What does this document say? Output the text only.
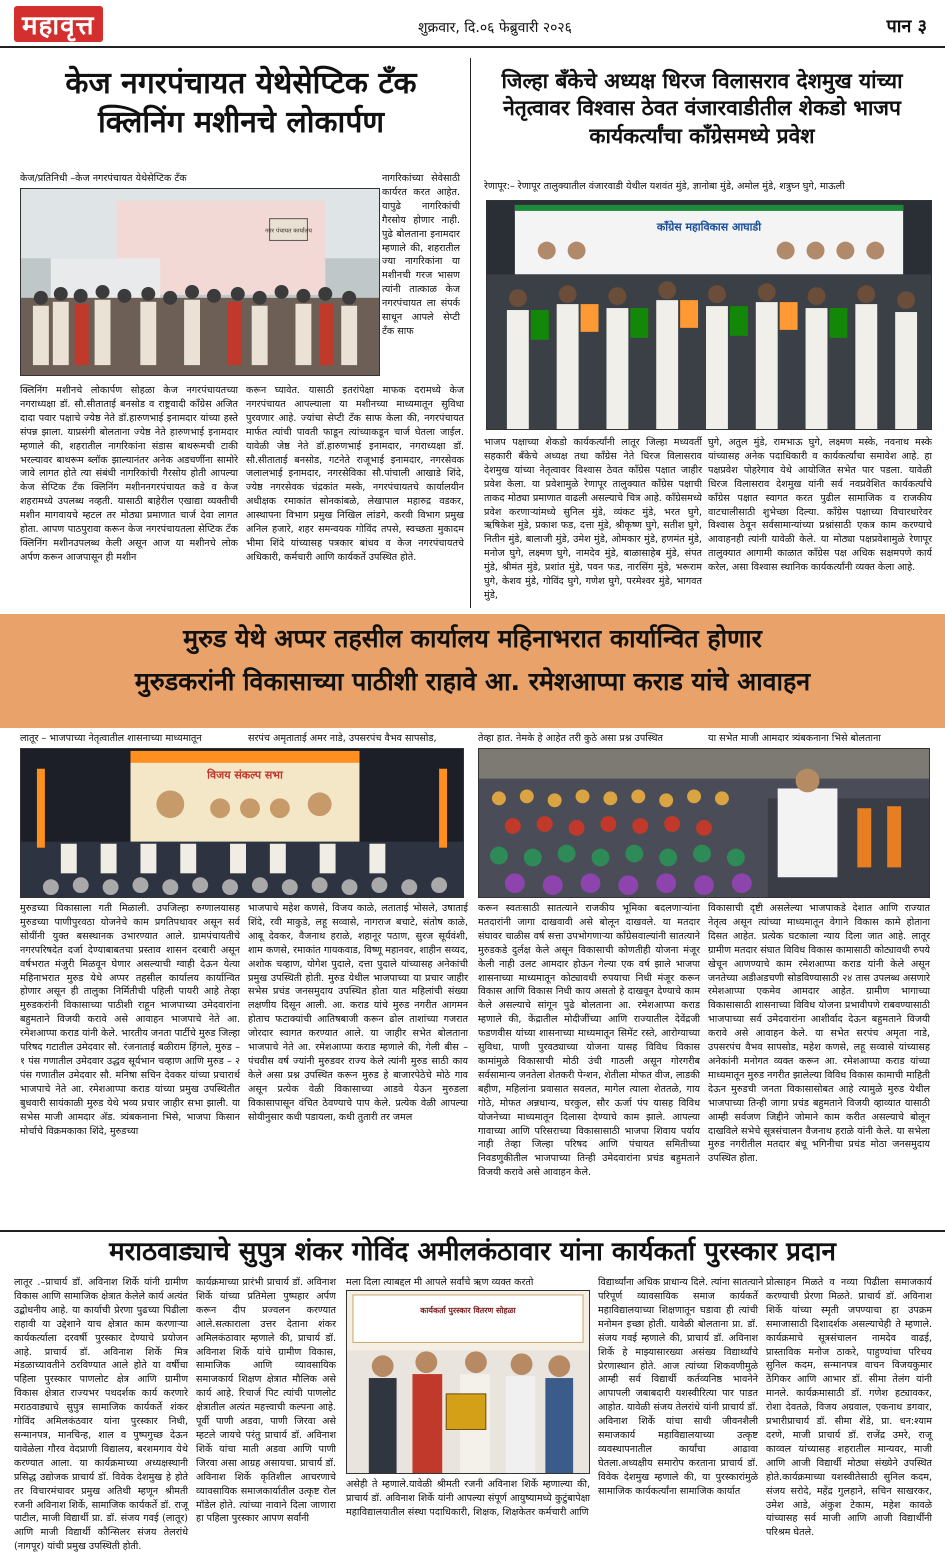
महावृत्त	शुक्रवार, दि.०६ फेब्रुवारी २०२६	पान ३
केज नगरपंचायत येथेसेप्टिक टँक क्लिनिंग मशीनचे लोकार्पण
केज/प्रतिनिधी –केज नगरपंचायत येथेसेप्टिक टँक
नगर पंचायत कार्यालय
नागरिकांच्या सेवेसाठी कार्यरत करत आहेत. यापुढे नागरिकांची गैरसोय होणार नाही. पुढे बोलताना इनामदार म्हणाले की, शहरातील ज्या नागरिकांना या मशीनची गरज भासण त्यांनी तात्काळ केज नगरपंचायत ला संपर्क साधून आपले सेप्टी टँक साफ
क्लिनिंग मशीनचे लोकार्पण सोहळा केज नगरपंचायतच्या नगराध्यक्षा डॉ. सौ.सीताताई बनसोड व राष्ट्रवादी काँग्रेस अजित दादा पवार पक्षाचे ज्येष्ठ नेते डॉ.हारुणभाई इनामदार यांच्या हस्ते संपन्न झाला. याप्रसंगी बोलताना ज्येष्ठ नेते हारुणभाई इनामदार म्हणाले की, शहरातील नागरिकांना संडास बाथरूमची टाकी भरल्यावर बाथरूम ब्लॉक झाल्यानंतर अनेक अडचणींना सामोरे जावे लागत होते त्या संबंधी नागरिकांची गैरसोय होती आपल्या केज सेप्टिक टँक क्लिनिंग मशीननगरपंचायत कडे व केज शहरामध्ये उपलब्ध नव्हती. यासाठी बाहेरील एखाद्या व्यक्तीची मशीन मागवायचे म्हटल तर मोठ्या प्रमाणात चार्ज देवा लागत होता. आपण पाठपुरावा करून केज नगरपंचायतला सेप्टिक टँक क्लिनिंग मशीनउपलब्ध केली असून आज या मशीनचे लोक अर्पण करून आजपासून ही मशीन
करून घ्यावेत. यासाठी इतरांपेक्षा माफक दरामध्ये केज नगरपंचायत आपल्याला या मशीनच्या माध्यमातून सुविधा पुरवणार आहे. ज्यांचा सेप्टी टँक साफ केला की, नगरपंचायत मार्फत त्यांची पावती फाडून त्यांच्याकडून चार्ज घेतला जाईल. यावेळी जेष्ठ नेते डॉ.हारुणभाई इनामदार, नगराध्यक्षा डॉ. सौ.सीताताई बनसोड, गटनेते राजूभाई इनामदार, नगरसेवक जलालभाई इनामदार, नगरसेविका सौ.पांचाली आखाडे शिंदे, ज्येष्ठ नगरसेवक चंद्रकांत मस्के, नगरपंचायतचे कार्यालयीन अधीक्षक रमाकांत सोनकांबळे, लेखापाल महारुद्र वडकर, आस्थापना विभाग प्रमुख निखिल लांडगे, करवी विभाग प्रमुख अनिल हजारे, शहर समन्वयक गोविंद तपसे, स्वच्छता मुकादम भीमा शिंदे यांच्यासह पत्रकार बांधव व केज नगरपंचायतचे अधिकारी, कर्मचारी आणि कार्यकर्ते उपस्थित होते.
जिल्हा बँकेचे अध्यक्ष धिरज विलासराव देशमुख यांच्या नेतृत्वावर विश्वास ठेवत वंजारवाडीतील शेकडो भाजप कार्यकर्त्यांचा काँग्रेसमध्ये प्रवेश
रेणापूर:– रेणापूर तालुक्यातील वंजारवाडी येथील यशवंत मुंडे, ज्ञानोबा मुंडे, अमोल मुंडे, शत्रुघ्न घुगे, माऊली
काँग्रेस महाविकास आघाडी
भाजप पक्षाच्या शेकडो कार्यकर्त्यांनी लातूर जिल्हा मध्यवर्ती सहकारी बँकेचे अध्यक्ष तथा काँग्रेस नेते धिरज विलासराव देशमुख यांच्या नेतृत्वावर विश्वास ठेवत काँग्रेस पक्षात जाहीर प्रवेश केला. या प्रवेशामुळे रेणापूर तालुक्यात काँग्रेस पक्षाची ताकद मोठ्या प्रमाणात वाढली असल्याचे चित्र आहे. काँग्रेसमध्ये प्रवेश करणाऱ्यांमध्ये सुनिल मुंडे, व्यंकट मुंडे, भरत घुगे, ऋषिकेश मुंडे, प्रकाश फड, दत्ता मुंडे, श्रीकृष्ण घुगे, सतीश घुगे, नितीन मुंडे, बालाजी मुंडे, उमेश मुंडे, ओमकार मुंडे, हणमंत मुंडे, मनोज घुगे, लक्ष्मण घुगे, नामदेव मुंडे, बाळासाहेब मुंडे, संपत मुंडे, श्रीमंत मुंडे, प्रशांत मुंडे, पवन फड, नारसिंग मुंडे, भरूराम घुगे, केशव मुंडे, गोविंद घुगे, गणेश घुगे, परमेश्वर मुंडे, भागवत मुंडे,
घुगे, अतुल मुंडे, रामभाऊ घुगे, लक्ष्मण मस्के, नवनाथ मस्के यांच्यासह अनेक पदाधिकारी व कार्यकर्त्यांचा समावेश आहे. हा पक्षप्रवेश पोहरेगाव येथे आयोजित सभेत पार पडला. यावेळी धिरज विलासराव देशमुख यांनी सर्व नवप्रवेशित कार्यकर्त्यांचे काँग्रेस पक्षात स्वागत करत पुढील सामाजिक व राजकीय वाटचालीसाठी शुभेच्छा दिल्या. काँग्रेस पक्षाच्या विचारधारेवर विश्वास ठेवून सर्वसामान्यांच्या प्रश्नांसाठी एकत्र काम करण्याचे आवाहनही त्यांनी यावेळी केले. या मोठ्या पक्षप्रवेशामुळे रेणापूर तालुक्यात आगामी काळात काँग्रेस पक्ष अधिक सक्षमपणे कार्य करेल, असा विश्वास स्थानिक कार्यकर्त्यांनी व्यक्त केला आहे.
मुरुड येथे अप्पर तहसील कार्यालय महिनाभरात कार्यान्वित होणार
मुरुडकरांनी विकासाच्या पाठीशी राहावे आ. रमेशआप्पा कराड यांचे आवाहन
लातूर – भाजपाच्या नेतृत्वातील शासनाच्या माध्यमातून	सरपंच अमृताताई अमर नाडे, उपसरपंच वैभव सापसोड,	तेव्हा हात. नेमके हे आहेत तरी कुठे असा प्रश्न उपस्थित	या सभेत माजी आमदार त्र्यंबकनाना भिसे बोलताना
विजय संकल्प सभा
मुरुडच्या विकासाला गती मिळाली. उपजिल्हा रुग्णालयासह मुरुडच्या पाणीपुरवठा योजनेचे काम प्रगतिपथावर असून सर्व सोयींनी युक्त बसस्थानक उभारण्यात आले. ग्रामपंचायतीचे नगरपरिषदेत दर्जा देण्याबाबतचा प्रस्ताव शासन दरबारी असून वर्षभरात मंजुरी मिळवून घेणार असल्याची ग्वाही देऊन येत्या महिनाभरात मुरुड येथे अप्पर तहसील कार्यालय कार्यान्वित होणार असून ही तालुका निर्मितीची पहिली पायरी आहे तेव्हा मुरुडकरांनी विकासाच्या पाठीशी राहून भाजपाच्या उमेदवारांना बहुमताने विजयी करावे असे आवाहन भाजपाचे नेते आ. रमेशआप्पा कराड यांनी केले. भारतीय जनता पार्टीचे मुरुड जिल्हा परिषद गटातील उमेदवार सौ. रंजनाताई बळीराम हिंगले, मुरुड – १ पंस गणातील उमेदवार उद्धव सूर्यभान चव्हाण आणि मुरुड – २ पंस गणातील उमेदवार सौ. मनिषा सचिन देवकर यांच्या प्रचारार्थ भाजपाचे नेते आ. रमेशआप्पा कराड यांच्या प्रमुख उपस्थितीत बुधवारी सायंकाळी मुरुड येथे भव्य प्रचार जाहीर सभा झाली. या सभेस माजी आमदार ॲड. त्र्यंबकनाना भिसे, भाजपा किसान मोर्चाचे विक्रमकाका शिंदे, मुरुडच्या
भाजपाचे महेश कणसे, विजय काळे, लताताई भोसले, उषाताई शिंदे, रवी माकुडे, लहू सव्वासे, नागराज बचाटे, संतोष काळे, आबू देवकर, वैजनाथ हराळे, शहानूर पठाण, सुरज सूर्यवंशी, शाम कणसे, रमाकांत गायकवाड, विष्णू महानवर, शाहीन सय्यद, अशोक चव्हाण, योगेश पुदाले, दत्ता पुदाले यांच्यासह अनेकांची प्रमुख उपस्थिती होती. मुरुड येथील भाजपाच्या या प्रचार जाहीर सभेस प्रचंड जनसमुदाय उपस्थित होता यात महिलांची संख्या लक्षणीय दिसून आली. आ. कराड यांचे मुरुड नगरीत आगमन होताच फटाक्यांची आतिषबाजी करून ढोल ताशांच्या गजरात जोरदार स्वागत करण्यात आले. या जाहीर सभेत बोलताना भाजपाचे नेते आ. रमेशआप्पा कराड म्हणाले की, गेली बीस – पंचवीस वर्ष ज्यांनी मुरुडवर राज्य केले त्यांनी मुरुड साठी काय केले असा प्रश्न उपस्थित करून मुरुड हे बाजारपेठेचे मोठे गाव असून प्रत्येक वेळी विकासाच्या आडवे येऊन मुरुडला विकासापासून वंचित ठेवण्याचे पाप केले. प्रत्येक वेळी आपल्या सोयीनुसार कधी पडायला, कधी तुतारी तर जमल
करून स्वतःसाठी सातत्याने राजकीय भूमिका बदलणाऱ्यांना मतदारांनी जागा दाखवावी असे बोलून दाखवले. या मतदार संघावर चाळीस वर्ष सत्ता उपभोगणाऱ्या काँग्रेसवाल्यांनी सातत्याने मुरुडकडे दुर्लक्ष केले असून विकासाची कोणतीही योजना मंजूर केली नाही उलट आमदार होऊन गेल्या एक वर्ष झाले भाजपा शासनाच्या माध्यमातून कोट्यावधी रुपयाचा निधी मंजूर करून विकास आणि विकास निधी काय असतो हे दाखवून देण्याचे काम केले असल्याचे सांगून पुढे बोलताना आ. रमेशआप्पा कराड म्हणाले की, केंद्रातील मोदीजींच्या आणि राज्यातील देवेंद्रजी फडणवीस यांच्या शासनाच्या माध्यमातून सिमेंट रस्ते, आरोग्याच्या सुविधा, पाणी पुरवठ्याच्या योजना यासह विविध विकास कामांमुळे विकासाची मोठी उंची गाठली असून गोरगरीब सर्वसामान्य जनतेला शेतकरी पेन्शन, शेतीला मोफत वीज, लाडकी बहीण, महिलांना प्रवासात सवलत, मागेल त्याला शेततळे, गाय गोठे, मोफत अन्नधान्य, घरकुल, सौर ऊर्जा पंप यासह विविध योजनेच्या माध्यमातून दिलासा देण्याचे काम झाले. आपल्या गावाच्या आणि परिसराच्या विकासासाठी भाजपा शिवाय पर्याय नाही तेव्हा जिल्हा परिषद आणि पंचायत समितीच्या निवडणुकीतील भाजपाच्या तिन्ही उमेदवारांना प्रचंड बहुमताने विजयी करावे असे आवाहन केले.
विकासाची दृष्टी असलेल्या भाजपाकडे देशात आणि राज्यात नेतृत्व असून त्यांच्या माध्यमातून वेगाने विकास कामे होताना दिसत आहेत. प्रत्येक घटकाला न्याय दिला जात आहे. लातूर ग्रामीण मतदार संघात विविध विकास कामासाठी कोट्यावधी रुपये खेचून आणण्याचे काम रमेशआप्पा कराड यांनी केले असून जनतेच्या अडीअडचणी सोडविण्यासाठी २४ तास उपलब्ध असणारे रमेशआप्पा एकमेव आमदार आहेत. ग्रामीण भागाच्या विकासासाठी शासनाच्या विविध योजना प्रभावीपणे राबवण्यासाठी भाजपाच्या सर्व उमेदवारांना आशीर्वाद देऊन बहुमताने विजयी करावे असे आवाहन केले. या सभेत सरपंच अमृता नाडे, उपसरपंच वैभव सापसोड, महेश कणसे, लहू सव्वासे यांच्यासह अनेकांनी मनोगत व्यक्त करून आ. रमेशआप्पा कराड यांच्या माध्यमातून मुरुड नगरीत झालेल्या विविध विकास कामाची माहिती देऊन मुरुडची जनता विकासासोबत आहे त्यामुळे मुरुड येथील भाजपाच्या तिन्ही जागा प्रचंड बहुमताने विजयी व्हाव्यात यासाठी आम्ही सर्वजण जिद्दीने जोमाने काम करीत असल्याचे बोलून दाखविले सभेचे सूत्रसंचालन वैजनाथ हराळे यांनी केले. या सभेला मुरुड नगरीतील मतदार बंधू भगिनीचा प्रचंड मोठा जनसमुदाय उपस्थित होता.
मराठवाड्याचे सुपुत्र शंकर गोविंद अमीलकंठावार यांना कार्यकर्ता पुरस्कार प्रदान
लातूर .–प्राचार्य डॉ. अविनाश शिर्के यांनी ग्रामीण विकास आणि सामाजिक क्षेत्रात केलेले कार्य अत्यंत उद्बोधनीय आहे. या कार्याची प्रेरणा पुढच्या पिढीला राहावी या उद्देशाने याच क्षेत्रात काम करणाऱ्या कार्यकर्त्याला दरवर्षी पुरस्कार देण्याचे प्रयोजन आहे. प्राचार्य डॉ. अविनाश शिर्के मित्र मंडळाच्यावतीने ठरविण्यात आले होते या वर्षीचा पहिला पुरस्कार पाणलोट क्षेत्र आणि ग्रामीण विकास क्षेत्रात राज्यभर पथदर्शक कार्य करणारे मराठवाड्याचे सुपुत्र सामाजिक कार्यकर्ते शंकर गोविंद अमिलकंठवार यांना पुरस्कार निधी, सन्मानपत्र, मानचिन्ह, शाल व पुष्पगुच्छ देऊन यावेळेला गौरव वेदप्राणी विद्यालय, बरशमगाव येथे करण्यात आला. या कार्यक्रमाच्या अध्यक्षस्थानी प्रसिद्ध उद्योजक प्राचार्य डॉ. विवेक देशमुख हे होते तर विचारमंचावर प्रमुख अतिथी म्हणून श्रीमती रजनी अविनाश शिर्के, सामाजिक कार्यकर्ते डॉ. राजू पाटील, माजी विद्यार्थी प्रा. डॉ. संजय गवई (लातूर) आणि माजी विद्यार्थी कौन्सिलर संजय तेलरांधे (नागपूर) यांची प्रमुख उपस्थिती होती.
कार्यक्रमाच्या प्रारंभी प्राचार्य डॉ. अविनाश शिर्के यांच्या प्रतिमेला पुष्पहार अर्पण करून दीप प्रज्वलन करण्यात आले.सत्काराला उत्तर देताना शंकर अमिलकंठावार म्हणाले की, प्राचार्य डॉ. अविनाश शिर्के यांचे ग्रामीण विकास, सामाजिक आणि व्यावसायिक समाजकार्य शिक्षण क्षेत्रात मौलिक असे कार्य आहे. रिचार्ज पिट त्यांची पाणलोट क्षेत्रातील अत्यंत महत्त्वाची कल्पना आहे. पूर्वी पाणी अडवा, पाणी जिरवा असे म्हटले जायचे परंतु प्राचार्य डॉ. अविनाश शिर्के यांचा माती अडवा आणि पाणी जिरवा असा आग्रह असायचा. प्राचार्य डॉ. अविनाश शिर्के कृतिशील आचरणाचे व्यावसायिक समाजकार्यातील उत्कृष्ट रोल मॉडेल होते. त्यांच्या नावाने दिला जाणारा हा पहिला पुरस्कार आपण सर्वांनी
मला दिला त्याबद्दल मी आपले सर्वांचे ऋण व्यक्त करतो
कार्यकर्ता पुरस्कार वितरण सोहळा
असेही ते म्हणाले.यावेळी श्रीमती रजनी अविनाश शिर्के म्हणाल्या की, प्राचार्य डॉ. अविनाश शिर्के यांनी आपल्या संपूर्ण आयुष्यामध्ये कुटुंबापेक्षा महाविद्यालयातील संस्था पदाधिकारी, शिक्षक, शिक्षकेतर कर्मचारी आणि
विद्यार्थ्यांना अधिक प्राधान्य दिले. त्यांना सातत्याने
परिपूर्ण व्यावसायिक समाज कार्यकर्ते महाविद्यालयाच्या शिक्षणातून घडावा ही त्यांची मनोमन इच्छा होती. यावेळी बोलताना प्रा. डॉ. संजय गवई म्हणाले की, प्राचार्य डॉ. अविनाश शिर्के हे माझ्यासारख्या असंख्य विद्यार्थ्यांचे प्रेरणास्थान होते. आज त्यांच्या शिकवणीमुळे आम्ही सर्व विद्यार्थी कर्तव्यनिष्ठ भावनेने आपापली जबाबदारी यशस्वीरित्या पार पाडत आहोत. यावेळी संजय तेलरांधे यांनी प्राचार्य डॉ. अविनाश शिर्के यांचा साधी जीवनशैली समाजकार्य महाविद्यालयाच्या उत्कृष्ट व्यवस्थापनातील कार्यांचा आढावा घेतला.अध्यक्षीय समारोप करताना प्राचार्य डॉ. विवेक देशमुख म्हणाले की, या पुरस्कारांमुळे सामाजिक कार्यकर्त्यांना सामाजिक कार्यात
प्रोत्साहन मिळते व नव्या पिढीला समाजकार्य करण्याची प्रेरणा मिळते. प्राचार्य डॉ. अविनाश शिर्के यांच्या स्मृती जपण्याचा हा उपक्रम समाजासाठी दिशादर्शक असल्याचेही ते म्हणाले. कार्यक्रमाचे सूत्रसंचालन नामदेव वाढई, प्रास्ताविक मनोज ठाकरे, पाहुण्यांचा परिचय सुनिल कदम, सन्मानपत्र वाचन विजयकुमार ठेंगिकर आणि आभार डॉ. सीमा तेलंग यांनी मानले. कार्यक्रमासाठी डॉ. गणेश हट्यावकर, रोशा देवतळे, विजय अग्रवाल, एकनाथ डगवार, प्रभारीप्राचार्य डॉ. सीमा शेंडे, प्रा. धन:श्याम दरणे, माजी प्राचार्य डॉ. राजेंद्र उमरे, राजू काव्वल यांच्यासह शहरातील मान्यवर, माजी आणि आजी विद्यार्थी मोठ्या संख्येने उपस्थित होते.कार्यक्रमाच्या यशस्वीतेसाठी सुनिल कदम, संजय सरोदे, महेंद्र गुलहाने, सचिन साखरकर, उमेश आडे, अंकुश टेकाम, महेश कावळे यांच्यासह सर्व माजी आणि आजी विद्यार्थींनी परिश्रम घेतले.
